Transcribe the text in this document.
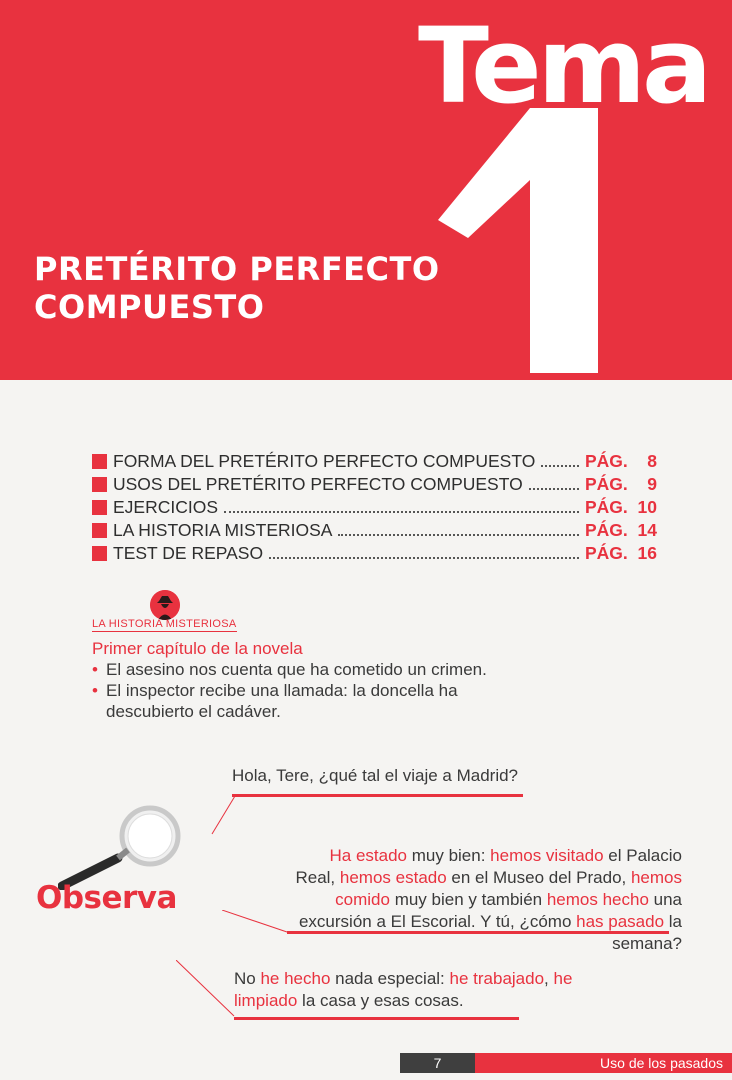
Tema
PRETÉRITO PERFECTO
COMPUESTO
FORMA DEL PRETÉRITO PERFECTO COMPUESTO	PÁG.	8
USOS DEL PRETÉRITO PERFECTO COMPUESTO	PÁG.	9
EJERCICIOS	PÁG. 10
LA HISTORIA MISTERIOSA	PÁG. 14
TEST DE REPASO	PÁG. 16
LA HISTORIA MISTERIOSA
Primer capítulo de la novela
• El asesino nos cuenta que ha cometido un crimen.
• El inspector recibe una llamada: la doncella ha descubierto el cadáver.
Observa
Hola, Tere, ¿qué tal el viaje a Madrid?
Ha estado muy bien: hemos visitado el Palacio Real, hemos estado en el Museo del Prado, hemos comido muy bien y también hemos hecho una excursión a El Escorial. Y tú, ¿cómo has pasado la semana?
No he hecho nada especial: he trabajado, he limpiado la casa y esas cosas.
7	Uso de los pasados
